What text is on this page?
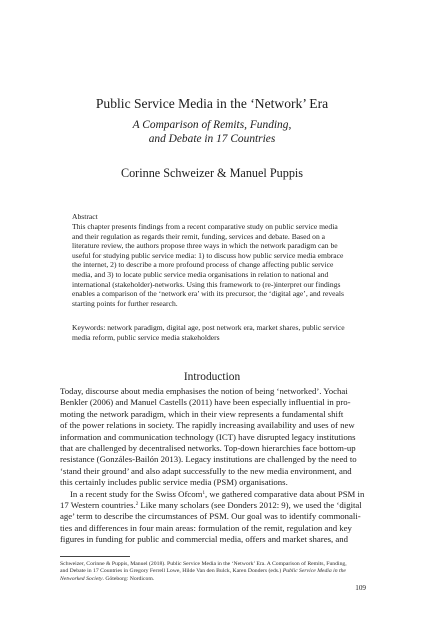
Public Service Media in the ‘Network’ Era
A Comparison of Remits, Funding,
and Debate in 17 Countries
Corinne Schweizer & Manuel Puppis
Abstract
This chapter presents findings from a recent comparative study on public service media
and their regulation as regards their remit, funding, services and debate. Based on a
literature review, the authors propose three ways in which the network paradigm can be
useful for studying public service media: 1) to discuss how public service media embrace
the internet, 2) to describe a more profound process of change affecting public service
media, and 3) to locate public service media organisations in relation to national and
international (stakeholder)-networks. Using this framework to (re-)interpret our findings
enables a comparison of the ‘network era’ with its precursor, the ‘digital age’, and reveals
starting points for further research.
Keywords: network paradigm, digital age, post network era, market shares, public service
media reform, public service media stakeholders
Introduction
Today, discourse about media emphasises the notion of being ‘networked’. Yochai
Benkler (2006) and Manuel Castells (2011) have been especially influential in pro-
moting the network paradigm, which in their view represents a fundamental shift
of the power relations in society. The rapidly increasing availability and uses of new
information and communication technology (ICT) have disrupted legacy institutions
that are challenged by decentralised networks. Top-down hierarchies face bottom-up
resistance (Gonzáles-Bailón 2013). Legacy institutions are challenged by the need to
‘stand their ground’ and also adapt successfully to the new media environment, and
this certainly includes public service media (PSM) organisations.
In a recent study for the Swiss Ofcom$^1$, we gathered comparative data about PSM in
17 Western countries.$^2$ Like many scholars (see Donders 2012: 9), we used the ‘digital
age’ term to describe the circumstances of PSM. Our goal was to identify commonali-
ties and differences in four main areas: formulation of the remit, regulation and key
figures in funding for public and commercial media, offers and market shares, and
Schweizer, Corinne & Puppis, Manuel (2018). Public Service Media in the ‘Network’ Era. A Comparison of Remits, Funding,
and Debate in 17 Countries in Gregory Ferrell Lowe, Hilde Van den Bulck, Karen Donders (eds.) Public Service Media in the
Networked Society. Göteborg: Nordicom.
109
